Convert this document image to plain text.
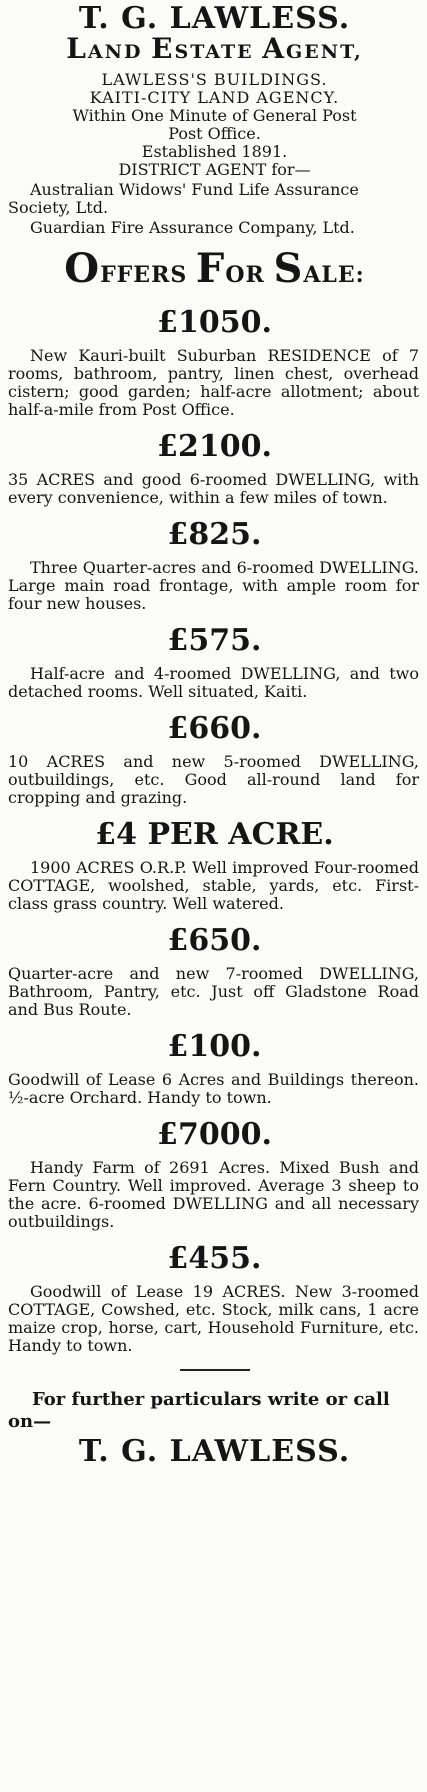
T. G. LAWLESS.
LAND ESTATE AGENT,
LAWLESS'S BUILDINGS.
KAITI-CITY LAND AGENCY.
Within One Minute of General Post
Post Office.
Established 1891.
DISTRICT AGENT for—
Australian Widows' Fund Life Assurance Society, Ltd.
Guardian Fire Assurance Company, Ltd.
OFFERS FOR SALE:
£1050.

New Kauri-built Suburban RESIDENCE of 7 rooms, bathroom, pantry, linen chest, overhead cistern; good garden; half-acre allotment; about half-a-mile from Post Office.

£2100.

35 ACRES and good 6-roomed DWELLING, with every convenience, within a few miles of town.

£825.

Three Quarter-acres and 6-roomed DWELLING. Large main road frontage, with ample room for four new houses.

£575.

Half-acre and 4-roomed DWELLING, and two detached rooms. Well situated, Kaiti.

£660.

10 ACRES and new 5-roomed DWELLING, outbuildings, etc. Good all-round land for cropping and grazing.

£4 PER ACRE.

1900 ACRES O.R.P. Well improved Four-roomed COTTAGE, woolshed, stable, yards, etc. First-class grass country. Well watered.

£650.

Quarter-acre and new 7-roomed DWELLING, Bathroom, Pantry, etc. Just off Gladstone Road and Bus Route.

£100.

Goodwill of Lease 6 Acres and Buildings thereon. ½-acre Orchard. Handy to town.

£7000.

Handy Farm of 2691 Acres. Mixed Bush and Fern Country. Well improved. Average 3 sheep to the acre. 6-roomed DWELLING and all necessary outbuildings.

£455.

Goodwill of Lease 19 ACRES. New 3-roomed COTTAGE, Cowshed, etc. Stock, milk cans, 1 acre maize crop, horse, cart, Household Furniture, etc. Handy to town.

For further particulars write or call on—

T. G. LAWLESS.
